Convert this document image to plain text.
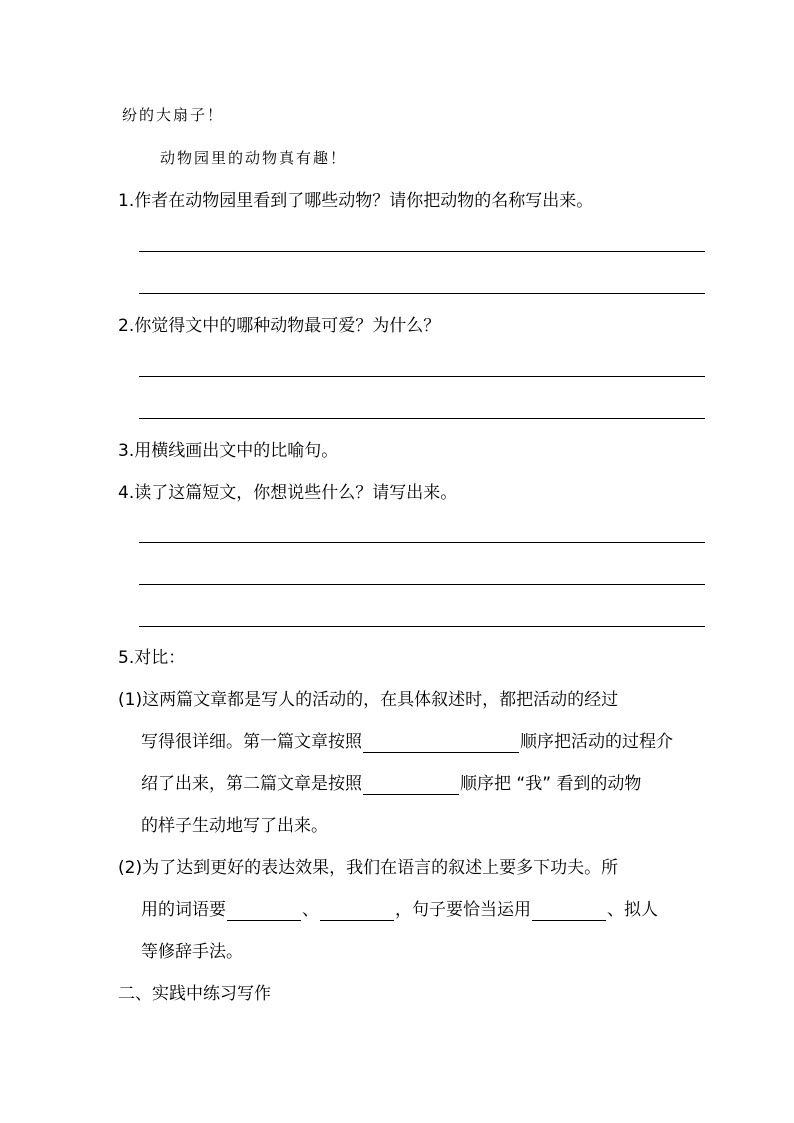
纷的大扇子！
动物园里的动物真有趣！
1.作者在动物园里看到了哪些动物？请你把动物的名称写出来。
2.你觉得文中的哪种动物最可爱？为什么？
3.用横线画出文中的比喻句。
4.读了这篇短文，你想说些什么？请写出来。
5.对比：
(1)这两篇文章都是写人的活动的，在具体叙述时，都把活动的经过
写得很详细。第一篇文章按照	顺序把活动的过程介
绍了出来，第二篇文章是按照	顺序把 “我” 看到的动物
的样子生动地写了出来。
(2)为了达到更好的表达效果，我们在语言的叙述上要多下功夫。所
用的词语要	、	，句子要恰当运用	、拟人
等修辞手法。
二、实践中练习写作
